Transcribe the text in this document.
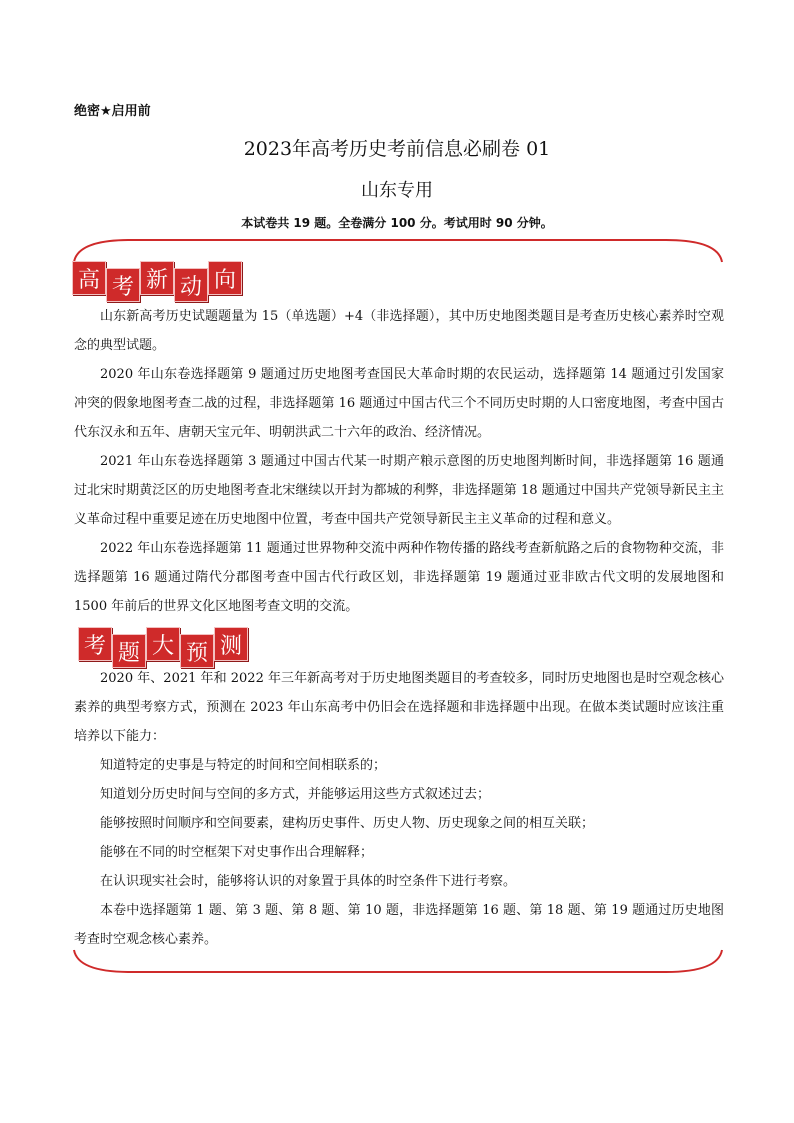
绝密★启用前
2023年高考历史考前信息必刷卷 01
山东专用
本试卷共 19 题。全卷满分 100 分。考试用时 90 分钟。
高 考 新 动 向

山东新高考历史试题题量为 15（单选题）+4（非选择题），其中历史地图类题目是考查历史核心素养时空观念的典型试题。

2020 年山东卷选择题第 9 题通过历史地图考查国民大革命时期的农民运动，选择题第 14 题通过引发国家冲突的假象地图考查二战的过程，非选择题第 16 题通过中国古代三个不同历史时期的人口密度地图，考查中国古代东汉永和五年、唐朝天宝元年、明朝洪武二十六年的政治、经济情况。

2021 年山东卷选择题第 3 题通过中国古代某一时期产粮示意图的历史地图判断时间，非选择题第 16 题通过北宋时期黄泛区的历史地图考查北宋继续以开封为都城的利弊，非选择题第 18 题通过中国共产党领导新民主主义革命过程中重要足迹在历史地图中位置，考查中国共产党领导新民主主义革命的过程和意义。

2022 年山东卷选择题第 11 题通过世界物种交流中两种作物传播的路线考查新航路之后的食物物种交流，非选择题第 16 题通过隋代分郡图考查中国古代行政区划，非选择题第 19 题通过亚非欧古代文明的发展地图和 1500 年前后的世界文化区地图考查文明的交流。

考 题 大 预 测

2020 年、2021 年和 2022 年三年新高考对于历史地图类题目的考查较多，同时历史地图也是时空观念核心素养的典型考察方式，预测在 2023 年山东高考中仍旧会在选择题和非选择题中出现。在做本类试题时应该注重培养以下能力：

知道特定的史事是与特定的时间和空间相联系的；

知道划分历史时间与空间的多方式，并能够运用这些方式叙述过去；

能够按照时间顺序和空间要素，建构历史事件、历史人物、历史现象之间的相互关联；

能够在不同的时空框架下对史事作出合理解释；

在认识现实社会时，能够将认识的对象置于具体的时空条件下进行考察。

本卷中选择题第 1 题、第 3 题、第 8 题、第 10 题，非选择题第 16 题、第 18 题、第 19 题通过历史地图考查时空观念核心素养。
